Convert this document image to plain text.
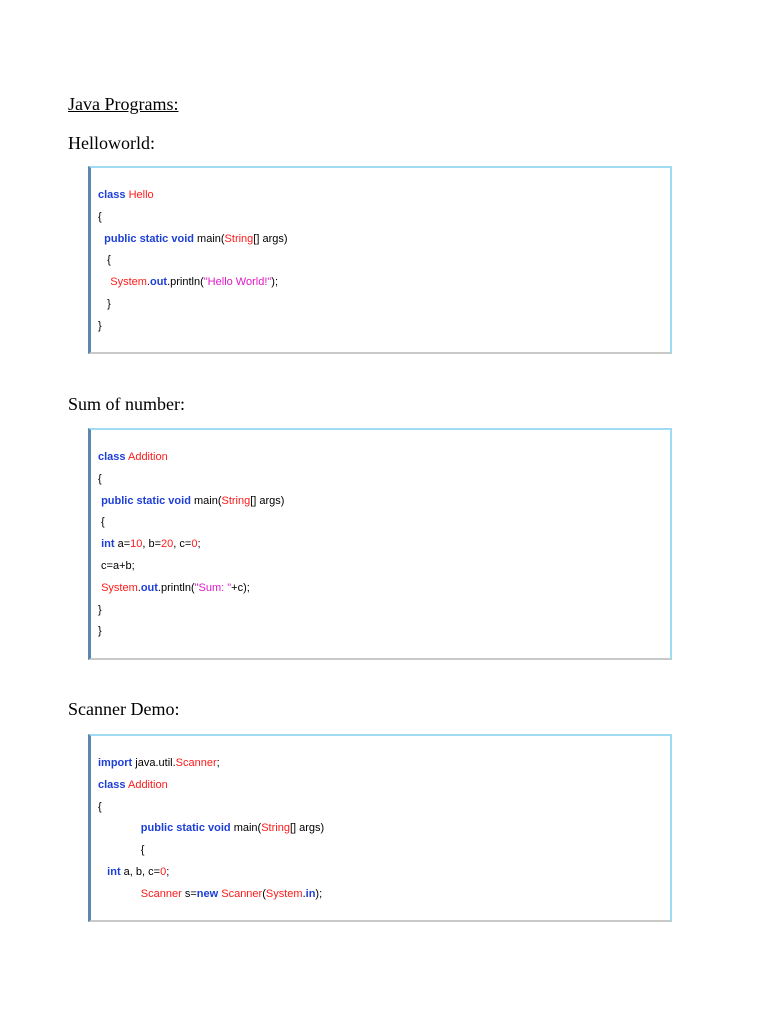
Java Programs:
Helloworld:
class Hello
{
public static void main(String[] args)
{
System.out.println("Hello World!");
}
}
Sum of number:
class Addition
{
public static void main(String[] args)
{
int a=10, b=20, c=0;
c=a+b;
System.out.println("Sum: "+c);
}
}
Scanner Demo:
import java.util.Scanner;
class Addition
{
public static void main(String[] args)
{
int a, b, c=0;
Scanner s=new Scanner(System.in);
